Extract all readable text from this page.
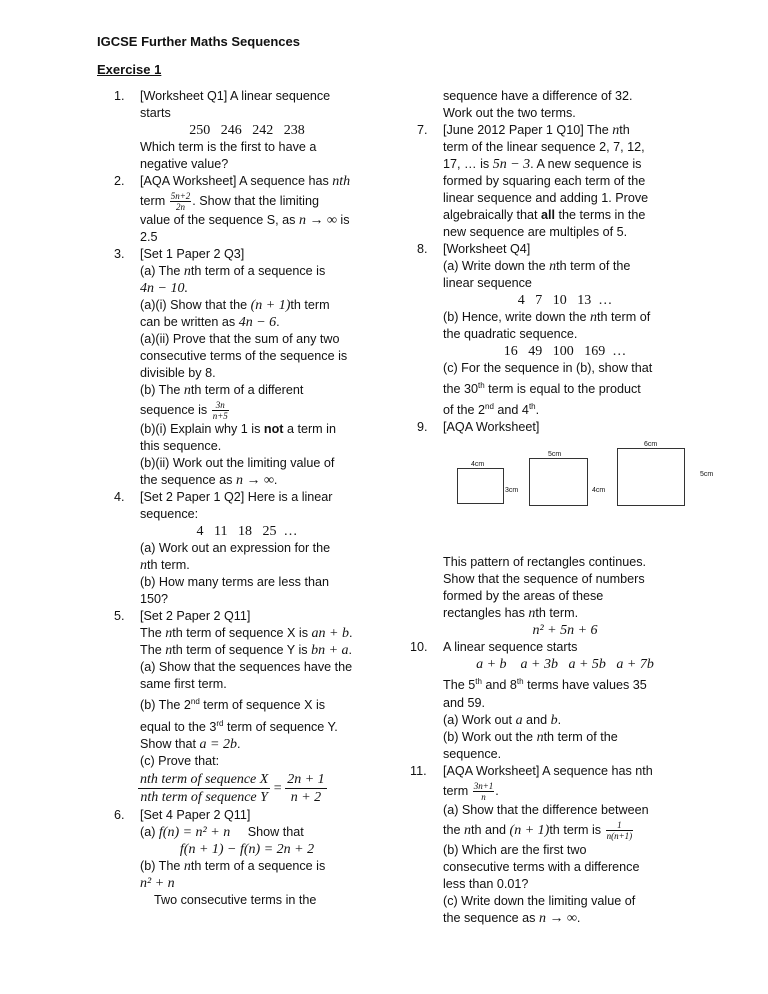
IGCSE Further Maths Sequences
Exercise 1
1. [Worksheet Q1] A linear sequence
starts
250   246   242   238
Which term is the first to have a
negative value?
2. [AQA Worksheet] A sequence has nth
term $\frac{5n+2}{2n}$ . Show that the limiting
value of the sequence S, as n → ∞ is
2.5
3. [Set 1 Paper 2 Q3]
(a) The nth term of a sequence is
4n − 10.
(a)(i) Show that the (n + 1)th term
can be written as 4n − 6.
(a)(ii) Prove that the sum of any two
consecutive terms of the sequence is
divisible by 8.
(b) The nth term of a different
sequence is $\frac{3n}{n+5}$
(b)(i) Explain why 1 is not a term in
this sequence.
(b)(ii) Work out the limiting value of
the sequence as n → ∞.
4. [Set 2 Paper 1 Q2] Here is a linear
sequence:
4   11   18   25  …
(a) Work out an expression for the
nth term.
(b) How many terms are less than
150?
5. [Set 2 Paper 2 Q11]
The nth term of sequence X is an + b.
The nth term of sequence Y is bn + a.
(a) Show that the sequences have the
same first term.
(b) The 2nd term of sequence X is
equal to the 3rd term of sequence Y.
Show that a = 2b.
(c) Prove that:
$\frac{\text{nth term of sequence X}}{\text{nth term of sequence Y}} = \frac{2n + 1}{n + 2}$
6. [Set 4 Paper 2 Q11]
(a) f(n) = n² + n     Show that
f(n + 1) − f(n) = 2n + 2
(b) The nth term of a sequence is
n² + n
Two consecutive terms in the
sequence have a difference of 32.
Work out the two terms.
7. [June 2012 Paper 1 Q10] The nth
term of the linear sequence 2, 7, 12,
17, … is 5n − 3. A new sequence is
formed by squaring each term of the
linear sequence and adding 1. Prove
algebraically that all the terms in the
new sequence are multiples of 5.
8. [Worksheet Q4]
(a) Write down the nth term of the
linear sequence
4   7   10   13  …
(b) Hence, write down the nth term of
the quadratic sequence.
16   49   100   169  …
(c) For the sequence in (b), show that
the 30th term is equal to the product
of the 2nd and 4th.
9. [AQA Worksheet]
4cm
3cm
5cm
4cm
6cm
5cm
This pattern of rectangles continues.
Show that the sequence of numbers
formed by the areas of these
rectangles has nth term.
n² + 5n + 6
10. A linear sequence starts
a + b    a + 3b   a + 5b   a + 7b
The 5th and 8th terms have values 35
and 59.
(a) Work out a and b.
(b) Work out the nth term of the
sequence.
11. [AQA Worksheet] A sequence has nth
term $\frac{3n+1}{n}$ .
(a) Show that the difference between
the nth and (n + 1)th term is $\frac{1}{n(n+1)}$
(b) Which are the first two
consecutive terms with a difference
less than 0.01?
(c) Write down the limiting value of
the sequence as n → ∞.
